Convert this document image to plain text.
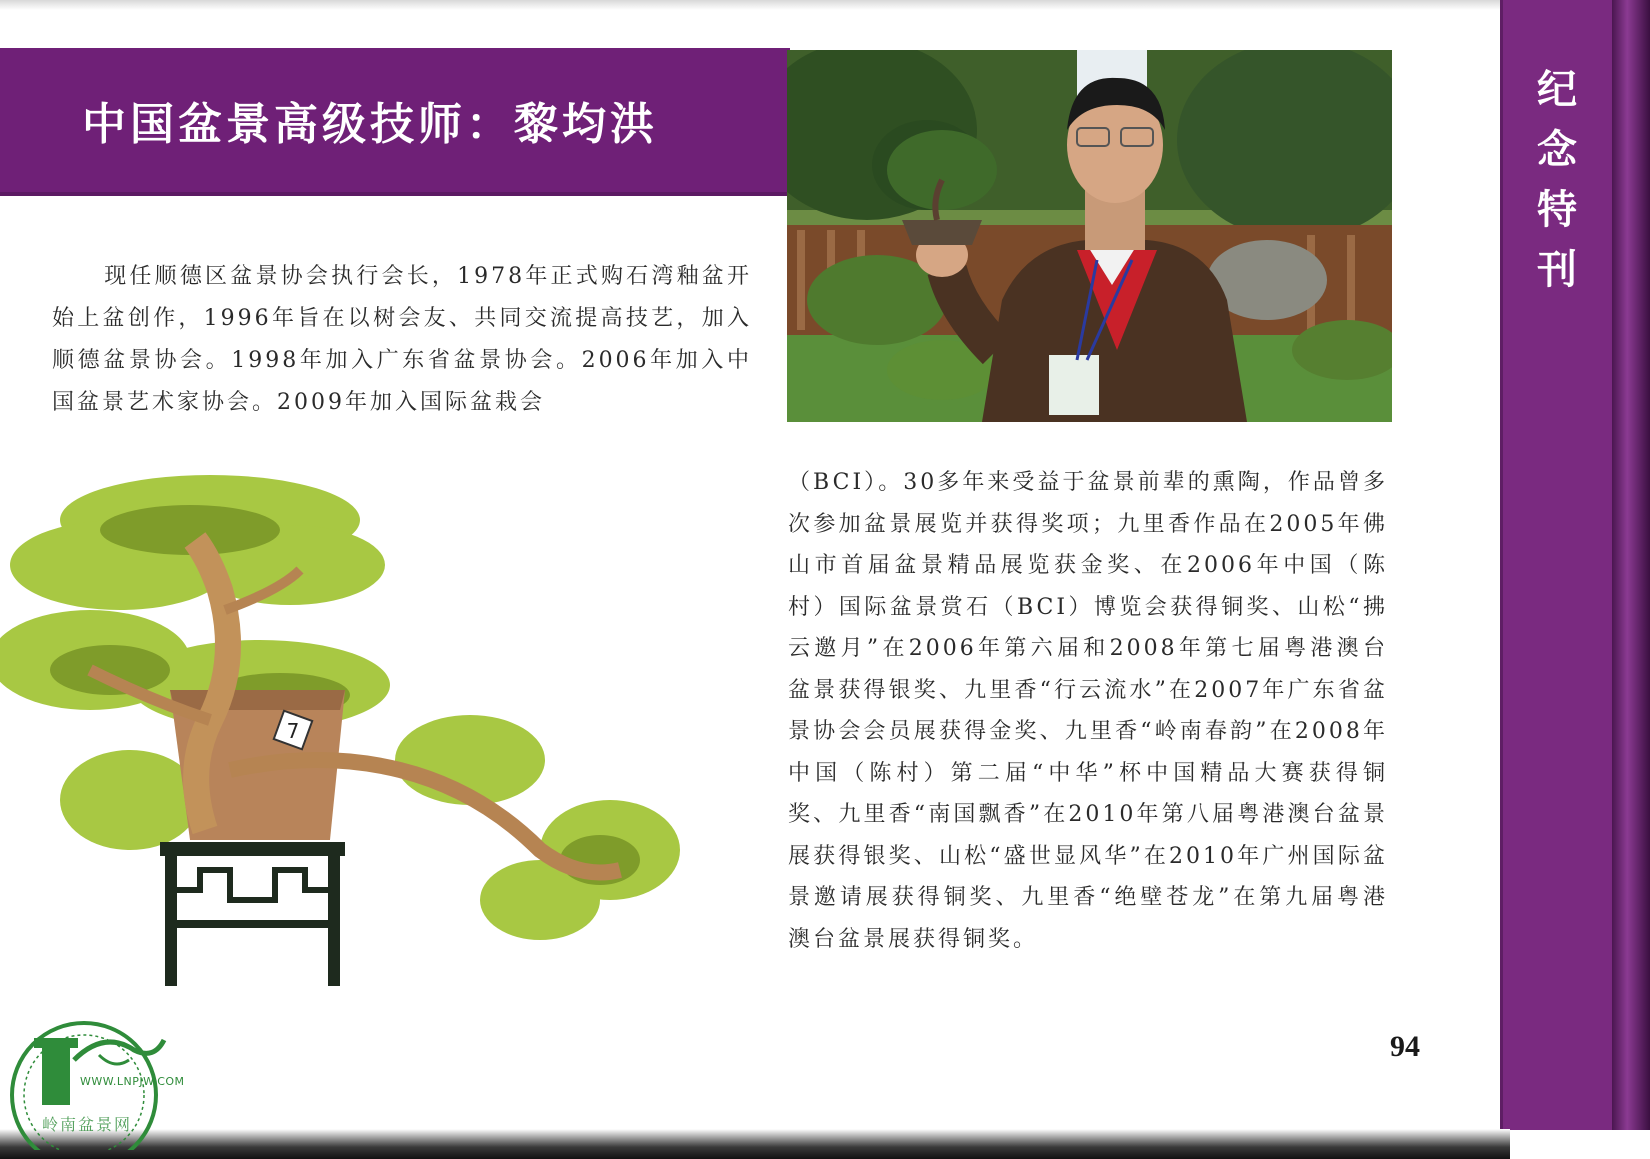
中国盆景高级技师：黎均洪
现任顺德区盆景协会执行会长，1978年正式购石湾釉盆开始上盆创作，1996年旨在以树会友、共同交流提高技艺，加入顺德盆景协会。1998年加入广东省盆景协会。2006年加入中国盆景艺术家协会。2009年加入国际盆栽会
（BCI）。30多年来受益于盆景前辈的熏陶，作品曾多次参加盆景展览并获得奖项；九里香作品在2005年佛山市首届盆景精品展览获金奖、在2006年中国（陈村）国际盆景赏石（BCI）博览会获得铜奖、山松“拂云邀月”在2006年第六届和2008年第七届粤港澳台盆景获得银奖、九里香“行云流水”在2007年广东省盆景协会会员展获得金奖、九里香“岭南春韵”在2008年中国（陈村）第二届“中华”杯中国精品大赛获得铜奖、九里香“南国飘香”在2010年第八届粤港澳台盆景展获得银奖、山松“盛世显风华”在2010年广州国际盆景邀请展获得铜奖、九里香“绝壁苍龙”在第九届粤港澳台盆景展获得铜奖。
7
94
纪念特刊
WWW.LNPJW.COM
岭南盆景网
